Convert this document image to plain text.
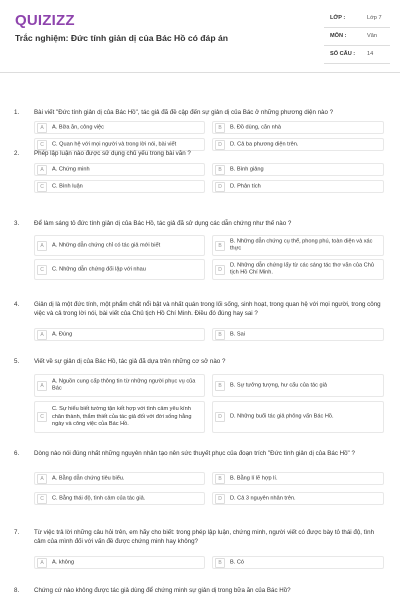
QUIZIZZ
Trắc nghiệm: Đức tính giản dị của Bác Hồ có đáp án
LỚP :	Lớp 7
MÔN :	Văn
SỐ CÂU : 14
1. Bài viết "Đức tính giản dị của Bác Hồ", tác giả đã đề cập đến sự giản dị của Bác ở những phương diện nào ?
A	A. Bữa ăn, công việc	B	B. Đồ dùng, căn nhà
C	C. Quan hệ với mọi người và trong lời nói, bài viết	D	D. Cả ba phương diện trên.
2. Phép lập luận nào được sử dụng chủ yếu trong bài văn ?
A	A. Chứng minh	B	B. Bình giảng
C	C. Bình luận	D	D. Phân tích
3. Để làm sáng tỏ đức tính giản dị của Bác Hồ, tác giả đã sử dụng các dẫn chứng như thế nào ?
A	A. Những dẫn chứng chỉ có tác giả mới biết	B
B. Những dẫn chứng cụ thể, phong phú, toàn diện và xác thực
C	C. Những dẫn chứng đối lập với nhau	D
D. Những dẫn chứng lấy từ các sáng tác thơ văn của Chủ tịch Hồ Chí Minh.
4. Giản dị là một đức tính, một phẩm chất nổi bật và nhất quán trong lối sống, sinh hoạt, trong quan hệ với mọi người, trong công việc và cả trong lời nói, bài viết của Chủ tịch Hồ Chí Minh. Điều đó đúng hay sai ?
A	A. Đúng	B	B. Sai
5. Viết về sự giản dị của Bác Hồ, tác giả đã dựa trên những cơ sở nào ?
A
A. Nguồn cung cấp thông tin từ những người phục vụ của Bác	B	B. Sự tưởng tượng, hư cấu của tác giả
C
C. Sự hiểu biết tường tận kết hợp với tình cảm yêu kính chân thành, thắm thiết của tác giả đối với đời sống hằng ngày và công việc của Bác Hồ.
D	D. Những buổi tác giả phỏng vấn Bác Hồ.
6. Dòng nào nói đúng nhất những nguyên nhân tạo nên sức thuyết phục của đoạn trích "Đức tính giản dị của Bác Hồ" ?
A	A. Bằng dẫn chứng tiêu biểu.	B	B. Bằng lí lẽ hợp lí.
C	C. Bằng thái độ, tình cảm của tác giả.	D	D. Cả 3 nguyên nhân trên.
7. Từ việc trả lời những câu hỏi trên, em hãy cho biết: trong phép lập luận, chứng minh, người viết có được bày tỏ thái độ, tình cảm của mình đối với vấn đề được chứng minh hay không?
A	A. không	B	B. Có
8. Chứng cứ nào không được tác giả dùng để chứng minh sự giản dị trong bữa ăn của Bác Hồ?
